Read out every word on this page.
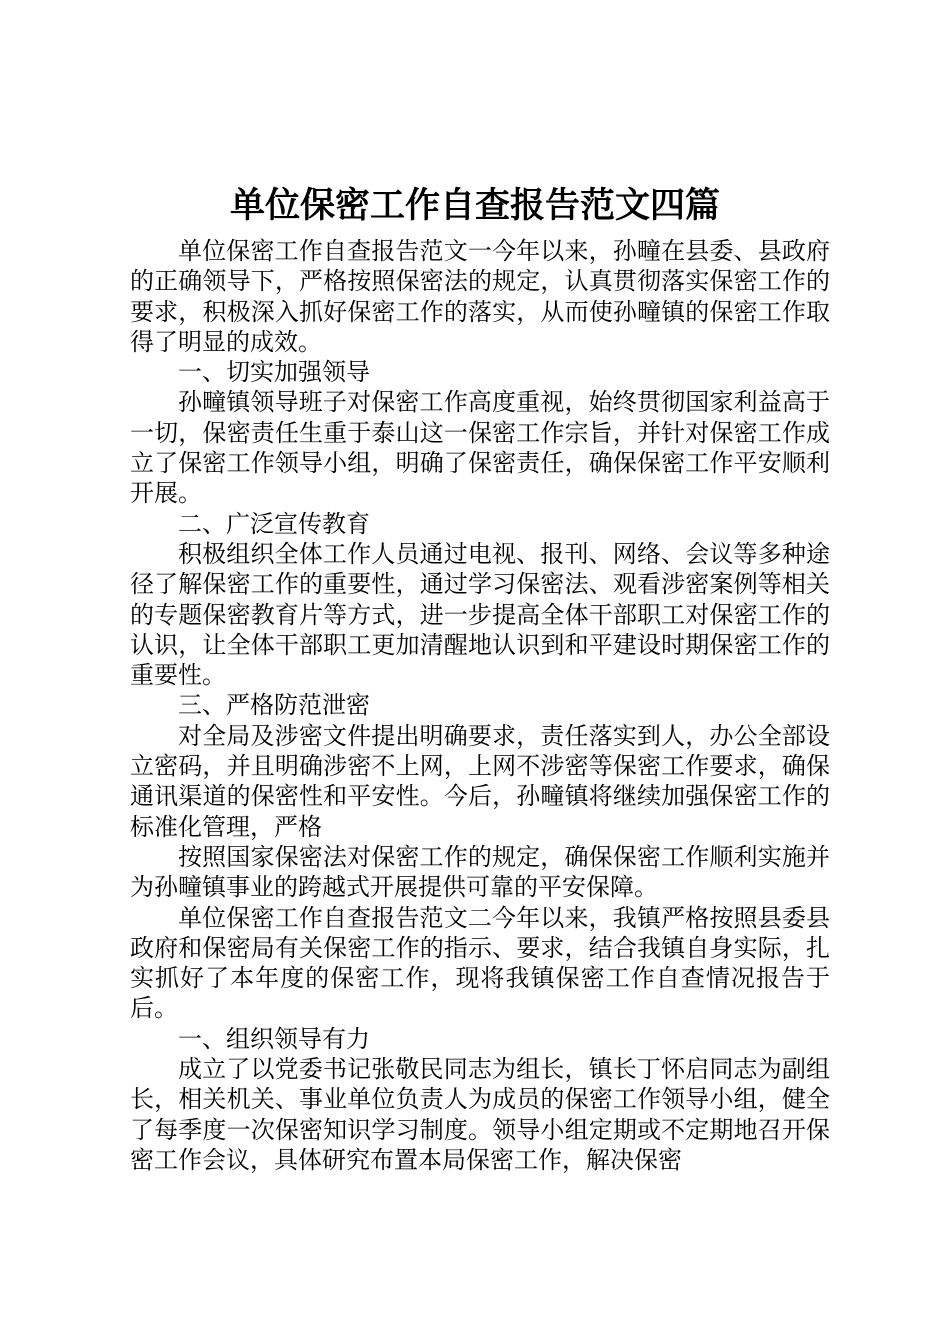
单位保密工作自查报告范文四篇

单位保密工作自查报告范文一今年以来，孙疃在县委、县政府的正确领导下，严格按照保密法的规定，认真贯彻落实保密工作的要求，积极深入抓好保密工作的落实，从而使孙疃镇的保密工作取得了明显的成效。

一、切实加强领导

孙疃镇领导班子对保密工作高度重视，始终贯彻国家利益高于一切，保密责任生重于泰山这一保密工作宗旨，并针对保密工作成立了保密工作领导小组，明确了保密责任，确保保密工作平安顺利开展。

二、广泛宣传教育

积极组织全体工作人员通过电视、报刊、网络、会议等多种途径了解保密工作的重要性，通过学习保密法、观看涉密案例等相关的专题保密教育片等方式，进一步提高全体干部职工对保密工作的认识，让全体干部职工更加清醒地认识到和平建设时期保密工作的重要性。

三、严格防范泄密

对全局及涉密文件提出明确要求，责任落实到人，办公全部设立密码，并且明确涉密不上网，上网不涉密等保密工作要求，确保通讯渠道的保密性和平安性。今后，孙疃镇将继续加强保密工作的标准化管理，严格

按照国家保密法对保密工作的规定，确保保密工作顺利实施并为孙疃镇事业的跨越式开展提供可靠的平安保障。

单位保密工作自查报告范文二今年以来，我镇严格按照县委县政府和保密局有关保密工作的指示、要求，结合我镇自身实际，扎实抓好了本年度的保密工作，现将我镇保密工作自查情况报告于后。

一、组织领导有力

成立了以党委书记张敬民同志为组长，镇长丁怀启同志为副组长，相关机关、事业单位负责人为成员的保密工作领导小组，健全了每季度一次保密知识学习制度。领导小组定期或不定期地召开保密工作会议，具体研究布置本局保密工作，解决保密
